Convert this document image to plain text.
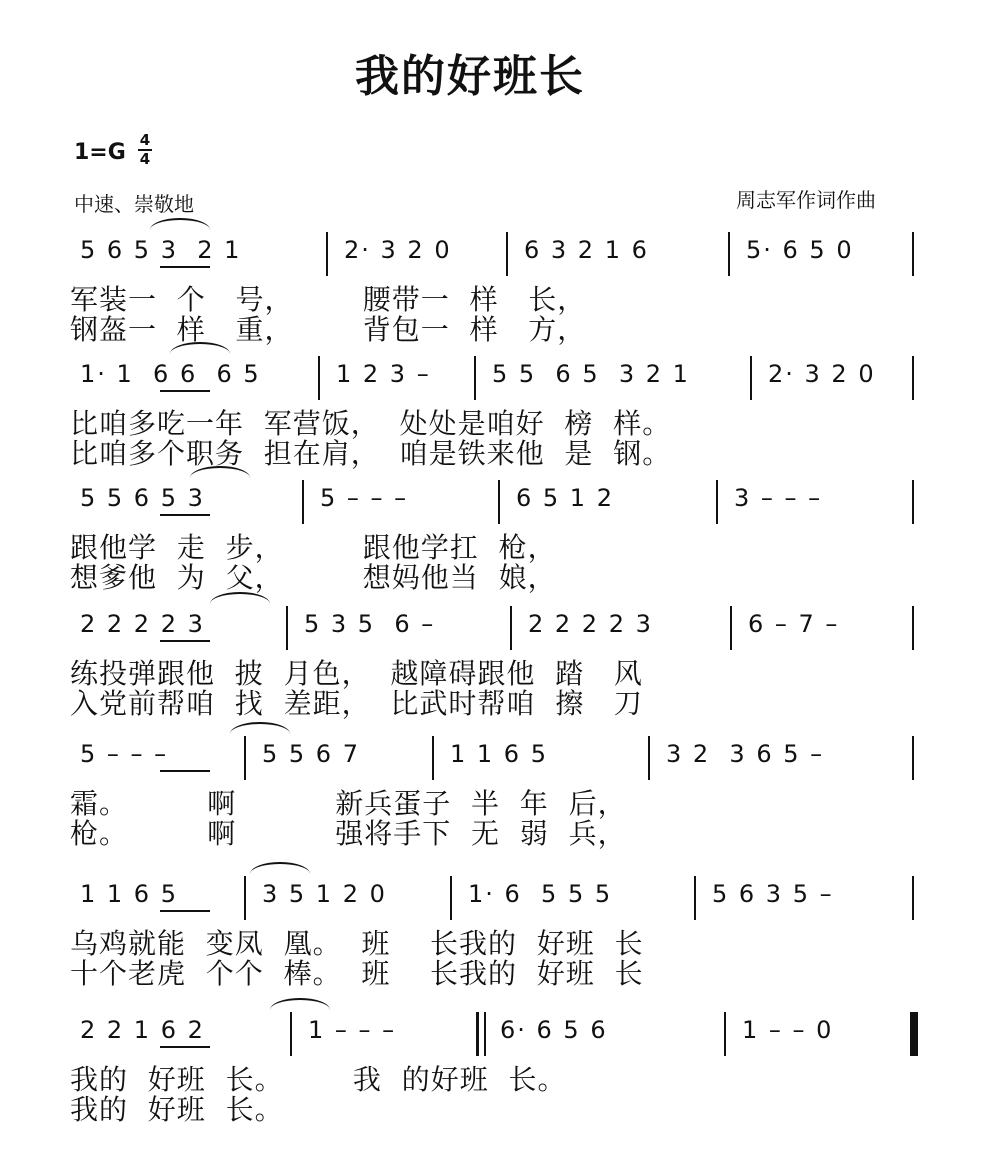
我的好班长
1=G 4
4
中速、崇敬地	周志军作词作曲
5 6 5 3  2 1	2· 3 2 0	6 3 2 1 6	5· 6 5 0
军装一  个   号，       腰带一  样   长，
钢盔一  样   重，       背包一  样   方，
1· 1  6 6  6 5	1 2 3 –	5 5  6 5  3 2 1	2· 3 2 0
比咱多吃一年  军营饭，  处处是咱好  榜  样。
比咱多个职务  担在肩，  咱是铁来他  是  钢。
5 5 6 5 3	5 – – –	6 5 1 2	3 – – –
跟他学  走  步，        跟他学扛  枪，
想爹他  为  父，        想妈他当  娘，
2 2 2 2 3	5 3 5  6 –	2 2 2 2 3	6 – 7 –
练投弹跟他  披  月色，  越障碍跟他  踏   风
入党前帮咱  找  差距，  比武时帮咱  擦   刀
5 – – –	5 5 6 7	1 1 6 5	3 2  3 6 5 –
霜。        啊          新兵蛋子  半  年  后，
枪。        啊          强将手下  无  弱  兵，
1 1 6 5	3 5 1 2 0	1· 6  5 5 5	5 6 3 5 –
乌鸡就能  变凤  凰。  班    长我的  好班  长
十个老虎  个个  棒。  班    长我的  好班  长
2 2 1 6 2	1 – – –	6· 6 5 6	1 – – 0
我的  好班  长。       我  的好班  长。
我的  好班  长。
